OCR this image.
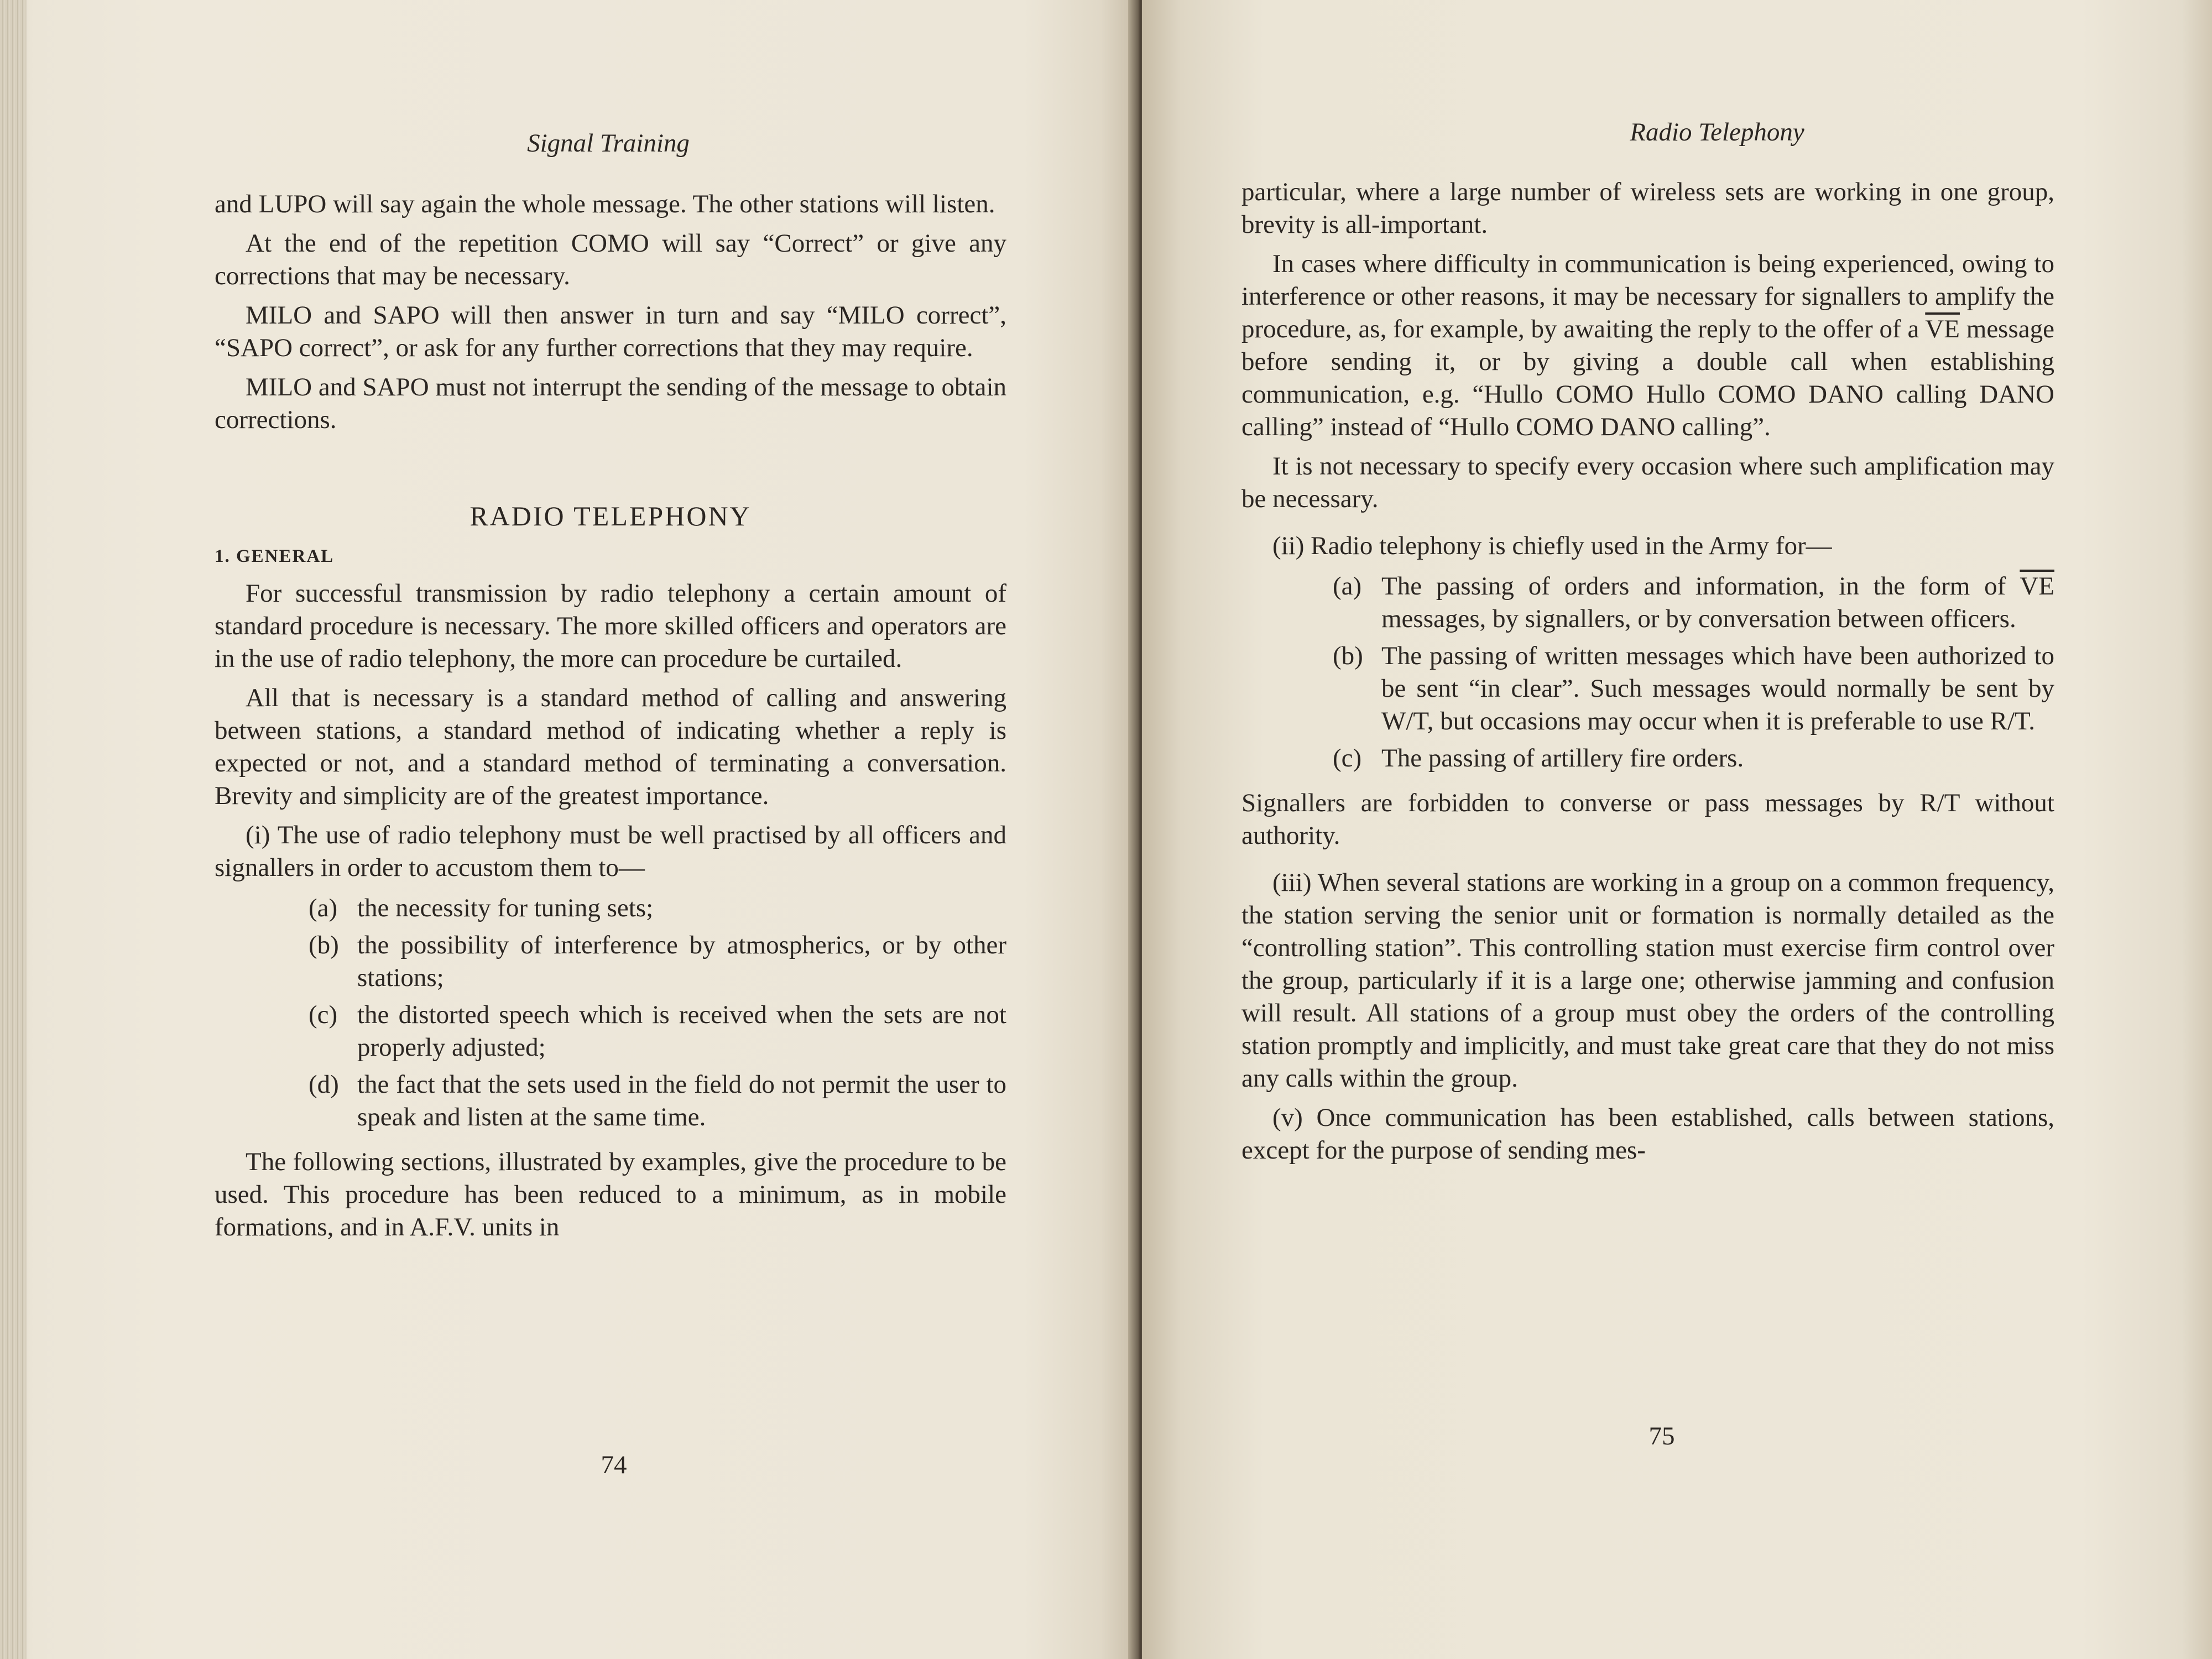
Signal Training

and LUPO will say again the whole message. The other stations will listen.

At the end of the repetition COMO will say “Correct” or give any corrections that may be necessary.

MILO and SAPO will then answer in turn and say “MILO correct”, “SAPO correct”, or ask for any further corrections that they may require.

MILO and SAPO must not interrupt the sending of the message to obtain corrections.

RADIO TELEPHONY
1. GENERAL

For successful transmission by radio telephony a certain amount of standard procedure is necessary. The more skilled officers and operators are in the use of radio telephony, the more can procedure be curtailed.

All that is necessary is a standard method of calling and answering between stations, a standard method of indicating whether a reply is expected or not, and a standard method of terminating a conversation. Brevity and simplicity are of the greatest importance.

(i) The use of radio telephony must be well practised by all officers and signallers in order to accustom them to—

(a) the necessity for tuning sets;
(b) the possibility of interference by atmospherics, or by other stations;
(c) the distorted speech which is received when the sets are not properly adjusted;
(d) the fact that the sets used in the field do not permit the user to speak and listen at the same time.

The following sections, illustrated by examples, give the procedure to be used. This procedure has been reduced to a minimum, as in mobile formations, and in A.F.V. units in

74
Radio Telephony

particular, where a large number of wireless sets are working in one group, brevity is all-important.

In cases where difficulty in communication is being experienced, owing to interference or other reasons, it may be necessary for signallers to amplify the procedure, as, for example, by awaiting the reply to the offer of a $\overline{VE}$ message before sending it, or by giving a double call when establishing communication, e.g. “Hullo COMO Hullo COMO DANO calling DANO calling” instead of “Hullo COMO DANO calling”.

It is not necessary to specify every occasion where such amplification may be necessary.

(ii) Radio telephony is chiefly used in the Army for—

(a) The passing of orders and information, in the form of $\overline{VE}$ messages, by signallers, or by conversation between officers.
(b) The passing of written messages which have been authorized to be sent “in clear”. Such messages would normally be sent by W/T, but occasions may occur when it is preferable to use R/T.
(c) The passing of artillery fire orders.

Signallers are forbidden to converse or pass messages by R/T without authority.

(iii) When several stations are working in a group on a common frequency, the station serving the senior unit or formation is normally detailed as the “controlling station”. This controlling station must exercise firm control over the group, particularly if it is a large one; otherwise jamming and confusion will result. All stations of a group must obey the orders of the controlling station promptly and implicitly, and must take great care that they do not miss any calls within the group.

(v) Once communication has been established, calls between stations, except for the purpose of sending mes-

75
